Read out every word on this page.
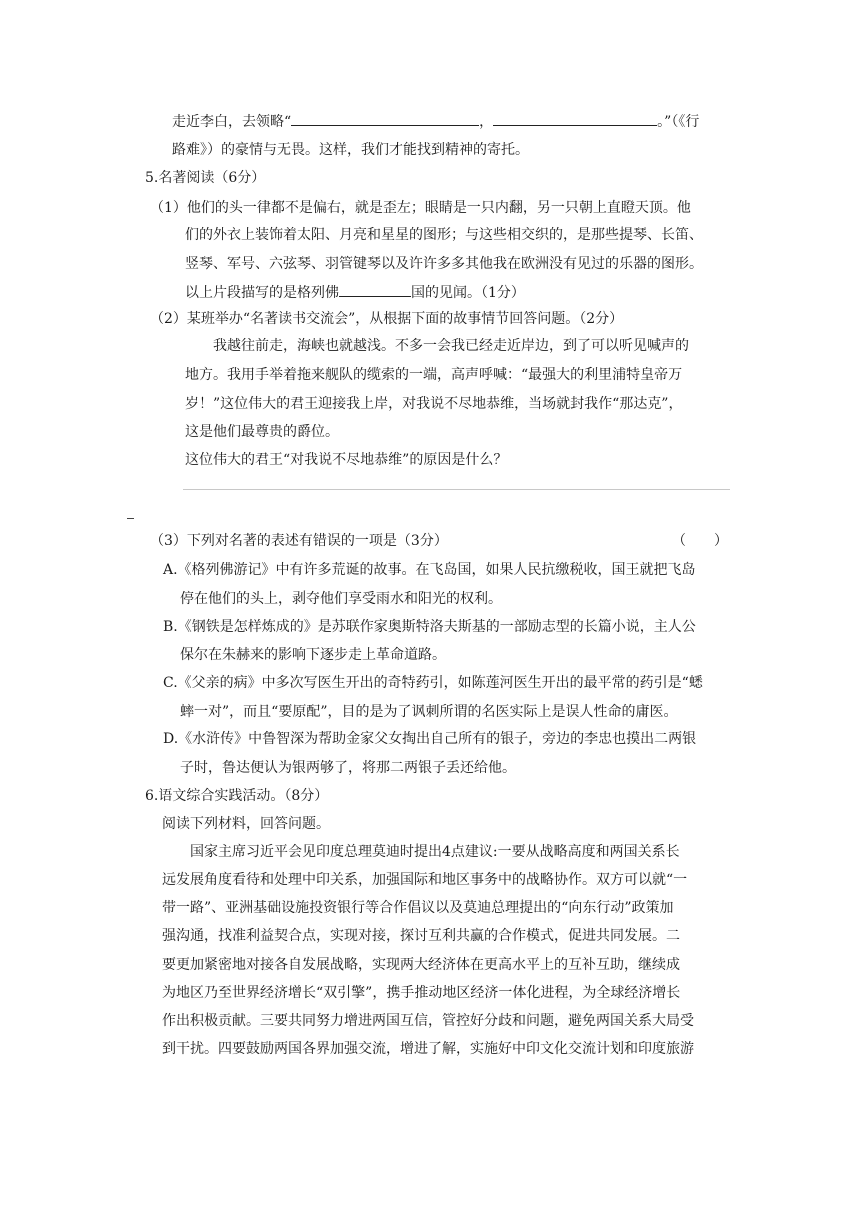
走近李白，去领略“	，	。”（《行
路难》）的豪情与无畏。这样，我们才能找到精神的寄托。
5.名著阅读（6分）
（1）他们的头一律都不是偏右，就是歪左；眼睛是一只内翻，另一只朝上直瞪天顶。他
们的外衣上装饰着太阳、月亮和星星的图形；与这些相交织的，是那些提琴、长笛、
竖琴、军号、六弦琴、羽管键琴以及许许多多其他我在欧洲没有见过的乐器的图形。
以上片段描写的是格列佛	国的见闻。（1分）
（2）某班举办“名著读书交流会”，从根据下面的故事情节回答问题。（2分）
我越往前走，海峡也就越浅。不多一会我已经走近岸边，到了可以听见喊声的
地方。我用手举着拖来舰队的缆索的一端，高声呼喊：“最强大的利里浦特皇帝万
岁！”这位伟大的君王迎接我上岸，对我说不尽地恭维，当场就封我作“那达克”，
这是他们最尊贵的爵位。
这位伟大的君王“对我说不尽地恭维”的原因是什么？
（3）下列对名著的表述有错误的一项是（3分）	（　　）
A.《格列佛游记》中有许多荒诞的故事。在飞岛国，如果人民抗缴税收，国王就把飞岛
停在他们的头上，剥夺他们享受雨水和阳光的权利。
B.《钢铁是怎样炼成的》是苏联作家奥斯特洛夫斯基的一部励志型的长篇小说，主人公
保尔在朱赫来的影响下逐步走上革命道路。
C.《父亲的病》中多次写医生开出的奇特药引，如陈莲河医生开出的最平常的药引是“蟋
蟀一对”，而且“要原配”，目的是为了讽刺所谓的名医实际上是误人性命的庸医。
D.《水浒传》中鲁智深为帮助金家父女掏出自己所有的银子，旁边的李忠也摸出二两银
子时，鲁达便认为银两够了，将那二两银子丢还给他。
6.语文综合实践活动。（8分）
阅读下列材料，回答问题。
国家主席习近平会见印度总理莫迪时提出4点建议:一要从战略高度和两国关系长
远发展角度看待和处理中印关系，加强国际和地区事务中的战略协作。双方可以就“一
带一路”、亚洲基础设施投资银行等合作倡议以及莫迪总理提出的“向东行动”政策加
强沟通，找准利益契合点，实现对接，探讨互利共赢的合作模式，促进共同发展。二
要更加紧密地对接各自发展战略，实现两大经济体在更高水平上的互补互助，继续成
为地区乃至世界经济增长“双引擎”，携手推动地区经济一体化进程，为全球经济增长
作出积极贡献。三要共同努力增进两国互信，管控好分歧和问题，避免两国关系大局受
到干扰。四要鼓励两国各界加强交流，增进了解，实施好中印文化交流计划和印度旅游
